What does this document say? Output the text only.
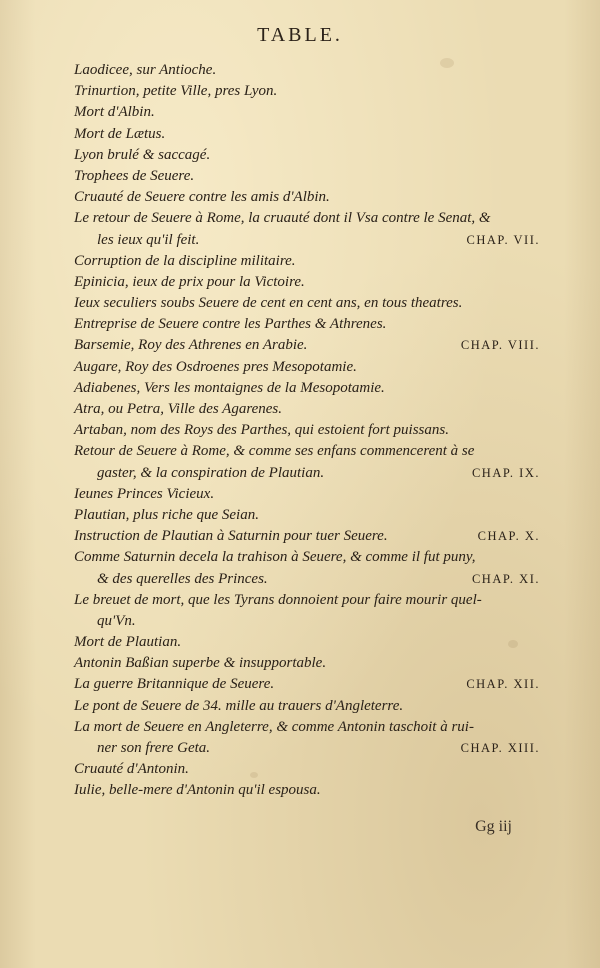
TABLE.
Laodicee, sur Antioche.
Trinurtion, petite Ville, pres Lyon.
Mort d'Albin.
Mort de Lætus.
Lyon brulé & saccagé.
Trophees de Seuere.
Cruauté de Seuere contre les amis d'Albin.
Le retour de Seuere à Rome, la cruauté dont il Vsa contre le Senat, &
les ieux qu'il feit.	CHAP. VII.
Corruption de la discipline militaire.
Epinicia, ieux de prix pour la Victoire.
Ieux seculiers soubs Seuere de cent en cent ans, en tous theatres.
Entreprise de Seuere contre les Parthes & Athrenes.
Barsemie, Roy des Athrenes en Arabie.	CHAP. VIII.
Augare, Roy des Osdroenes pres Mesopotamie.
Adiabenes, Vers les montaignes de la Mesopotamie.
Atra, ou Petra, Ville des Agarenes.
Artaban, nom des Roys des Parthes, qui estoient fort puissans.
Retour de Seuere à Rome, & comme ses enfans commencerent à se
gaster, & la conspiration de Plautian.	CHAP. IX.
Ieunes Princes Vicieux.
Plautian, plus riche que Seian.
Instruction de Plautian à Saturnin pour tuer Seuere.	CHAP. X.
Comme Saturnin decela la trahison à Seuere, & comme il fut puny,
& des querelles des Princes.	CHAP. XI.
Le breuet de mort, que les Tyrans donnoient pour faire mourir quel-
qu'Vn.
Mort de Plautian.
Antonin Baßian superbe & insupportable.
La guerre Britannique de Seuere.	CHAP. XII.
Le pont de Seuere de 34. mille au trauers d'Angleterre.
La mort de Seuere en Angleterre, & comme Antonin taschoit à rui-
ner son frere Geta.	CHAP. XIII.
Cruauté d'Antonin.
Iulie, belle-mere d'Antonin qu'il espousa.
Gg iij
